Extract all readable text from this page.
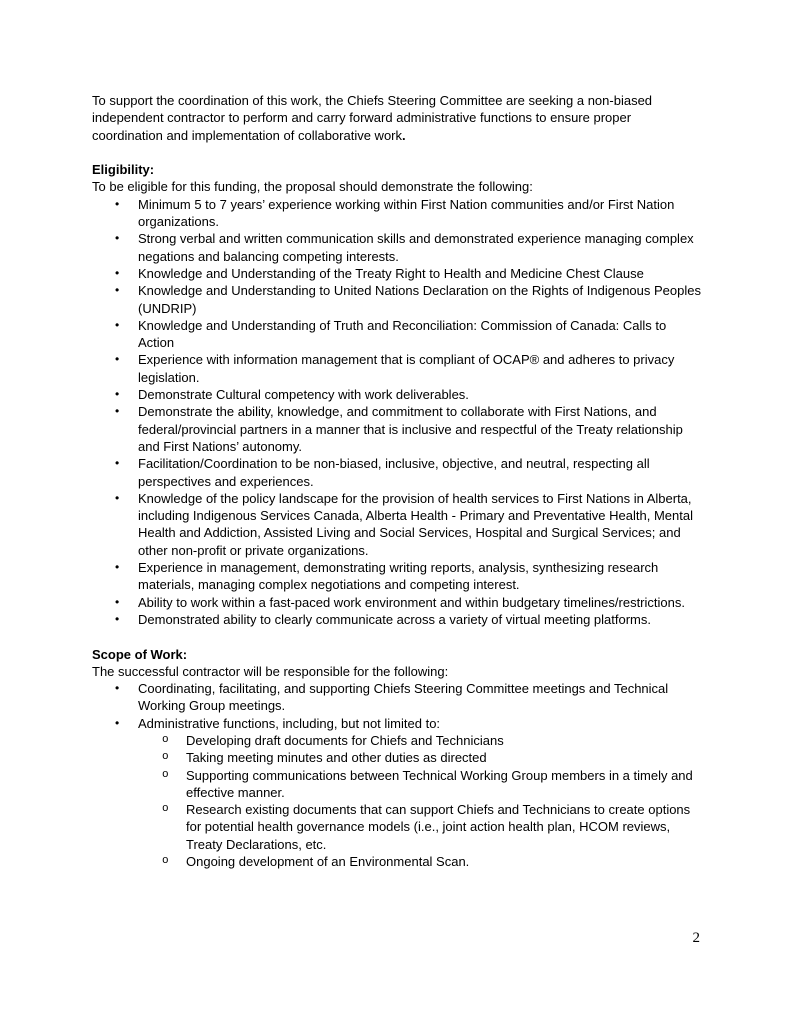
To support the coordination of this work, the Chiefs Steering Committee are seeking a non-biased independent contractor to perform and carry forward administrative functions to ensure proper coordination and implementation of collaborative work.

Eligibility:

To be eligible for this funding, the proposal should demonstrate the following:

•	Minimum 5 to 7 years’ experience working within First Nation communities and/or First Nation organizations.
•	Strong verbal and written communication skills and demonstrated experience managing complex negations and balancing competing interests.
•	Knowledge and Understanding of the Treaty Right to Health and Medicine Chest Clause
•	Knowledge and Understanding to United Nations Declaration on the Rights of Indigenous Peoples (UNDRIP)
•	Knowledge and Understanding of Truth and Reconciliation: Commission of Canada: Calls to Action
•	Experience with information management that is compliant of OCAP® and adheres to privacy legislation.
•	Demonstrate Cultural competency with work deliverables.
•	Demonstrate the ability, knowledge, and commitment to collaborate with First Nations, and federal/provincial partners in a manner that is inclusive and respectful of the Treaty relationship and First Nations’ autonomy.
•	Facilitation/Coordination to be non-biased, inclusive, objective, and neutral, respecting all perspectives and experiences.
•	Knowledge of the policy landscape for the provision of health services to First Nations in Alberta, including Indigenous Services Canada, Alberta Health - Primary and Preventative Health, Mental Health and Addiction, Assisted Living and Social Services, Hospital and Surgical Services; and other non-profit or private organizations.
•	Experience in management, demonstrating writing reports, analysis, synthesizing research materials, managing complex negotiations and competing interest.
•	Ability to work within a fast-paced work environment and within budgetary timelines/restrictions.
•	Demonstrated ability to clearly communicate across a variety of virtual meeting platforms.

Scope of Work:

The successful contractor will be responsible for the following:

•	Coordinating, facilitating, and supporting Chiefs Steering Committee meetings and Technical Working Group meetings.
•	Administrative functions, including, but not limited to:
o	Developing draft documents for Chiefs and Technicians
o	Taking meeting minutes and other duties as directed
o	Supporting communications between Technical Working Group members in a timely and effective manner.
o	Research existing documents that can support Chiefs and Technicians to create options for potential health governance models (i.e., joint action health plan, HCOM reviews, Treaty Declarations, etc.
o	Ongoing development of an Environmental Scan.
2
